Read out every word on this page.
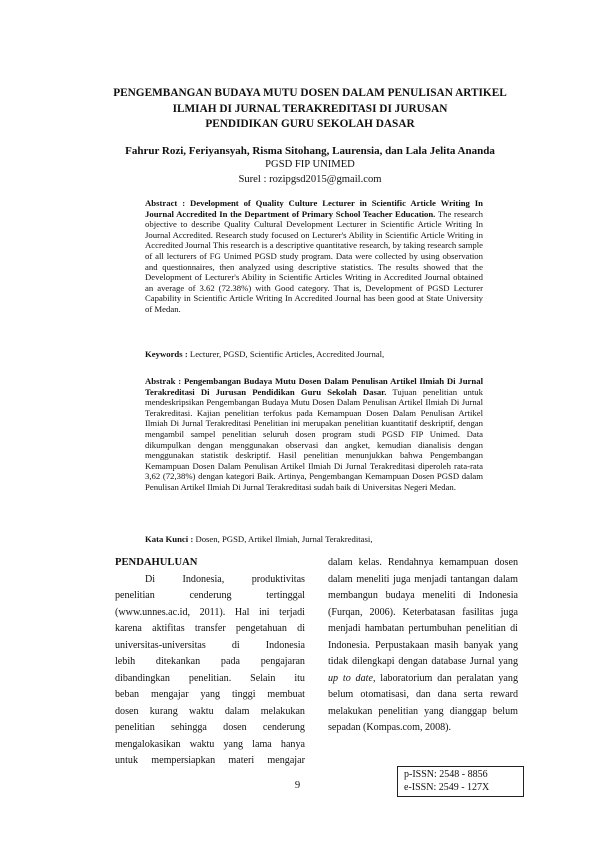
PENGEMBANGAN BUDAYA MUTU DOSEN DALAM PENULISAN ARTIKEL
ILMIAH DI JURNAL TERAKREDITASI DI JURUSAN
PENDIDIKAN GURU SEKOLAH DASAR
Fahrur Rozi, Feriyansyah, Risma Sitohang, Laurensia, dan Lala Jelita Ananda
PGSD FIP UNIMED
Surel : rozipgsd2015@gmail.com
Abstract : Development of Quality Culture Lecturer in Scientific Article Writing In Journal Accredited In the Department of Primary School Teacher Education. The research objective to describe Quality Cultural Development Lecturer in Scientific Article Writing In Journal Accredited. Research study focused on Lecturer's Ability in Scientific Article Writing in Accredited Journal This research is a descriptive quantitative research, by taking research sample of all lecturers of FG Unimed PGSD study program. Data were collected by using observation and questionnaires, then analyzed using descriptive statistics. The results showed that the Development of Lecturer's Ability in Scientific Articles Writing in Accredited Journal obtained an average of 3.62 (72.38%) with Good category. That is, Development of PGSD Lecturer Capability in Scientific Article Writing In Accredited Journal has been good at State University of Medan.
Keywords : Lecturer, PGSD, Scientific Articles, Accredited Journal,
Abstrak : Pengembangan Budaya Mutu Dosen Dalam Penulisan Artikel Ilmiah Di Jurnal Terakreditasi Di Jurusan Pendidikan Guru Sekolah Dasar. Tujuan penelitian untuk mendeskripsikan Pengembangan Budaya Mutu Dosen Dalam Penulisan Artikel Ilmiah Di Jurnal Terakreditasi. Kajian penelitian terfokus pada Kemampuan Dosen Dalam Penulisan Artikel Ilmiah Di Jurnal Terakreditasi Penelitian ini merupakan penelitian kuantitatif deskriptif, dengan mengambil sampel penelitian seluruh dosen program studi PGSD FIP Unimed. Data dikumpulkan dengan menggunakan observasi dan angket, kemudian dianalisis dengan menggunakan statistik deskriptif. Hasil penelitian menunjukkan bahwa Pengembangan Kemampuan Dosen Dalam Penulisan Artikel Ilmiah Di Jurnal Terakreditasi diperoleh rata-rata 3,62 (72,38%) dengan kategori Baik. Artinya, Pengembangan Kemampuan Dosen PGSD dalam Penulisan Artikel Ilmiah Di Jurnal Terakreditasi sudah baik di Universitas Negeri Medan.
Kata Kunci : Dosen, PGSD, Artikel Ilmiah, Jurnal Terakreditasi,
PENDAHULUAN
Di	Indonesia,	produktivitas
penelitian	cenderung	tertinggal
(www.unnes.ac.id, 2011). Hal ini terjadi
karena aktifitas transfer pengetahuan di
universitas-universitas	di	Indonesia
lebih ditekankan pada pengajaran
dibandingkan penelitian. Selain itu
beban mengajar yang tinggi membuat
dosen kurang waktu dalam melakukan
penelitian sehingga dosen cenderung
mengalokasikan waktu yang lama hanya
untuk mempersiapkan materi mengajar
dalam kelas. Rendahnya kemampuan dosen dalam meneliti juga menjadi tantangan dalam membangun budaya meneliti di Indonesia (Furqan, 2006). Keterbatasan fasilitas juga menjadi hambatan pertumbuhan penelitian di Indonesia. Perpustakaan masih banyak yang tidak dilengkapi dengan database Jurnal yang up to date, laboratorium dan peralatan yang belum otomatisasi, dan dana serta reward melakukan penelitian yang dianggap belum sepadan (Kompas.com, 2008).
p-ISSN: 2548 - 8856
e-ISSN: 2549 - 127X
9
